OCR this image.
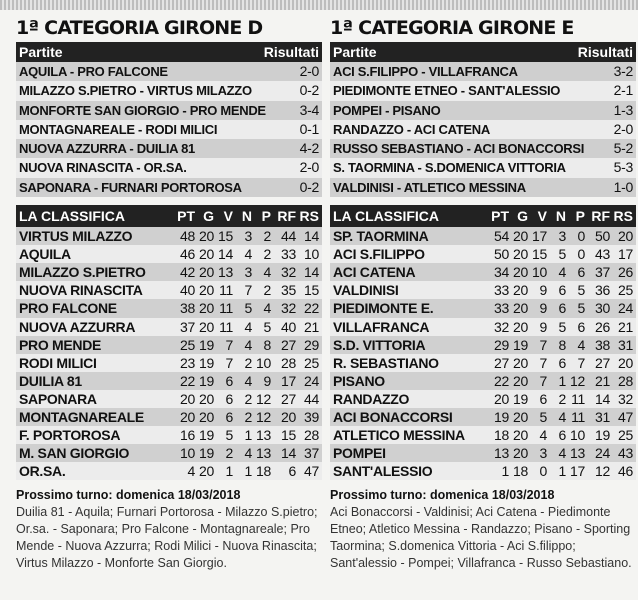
1ª CATEGORIA GIRONE D
Partite	Risultati
AQUILA - PRO FALCONE	2-0
MILAZZO S.PIETRO - VIRTUS MILAZZO	0-2
MONFORTE SAN GIORGIO - PRO MENDE	3-4
MONTAGNAREALE - RODI MILICI	0-1
NUOVA AZZURRA - DUILIA 81	4-2
NUOVA RINASCITA - OR.SA.	2-0
SAPONARA - FURNARI PORTOROSA	0-2
LA CLASSIFICA	PT G V N P RF RS
VIRTUS MILAZZO	48 20 15 3 2 44 14
AQUILA	46 20 14 4 2 33 10
MILAZZO S.PIETRO	42 20 13 3 4 32 14
NUOVA RINASCITA	40 20 11 7 2 35 15
PRO FALCONE	38 20 11 5 4 32 22
NUOVA AZZURRA	37 20 11 4 5 40 21
PRO MENDE	25 19 7 4 8 27 29
RODI MILICI	23 19 7 2 10 28 25
DUILIA 81	22 19 6 4 9 17 24
SAPONARA	20 20 6 2 12 27 44
MONTAGNAREALE	20 20 6 2 12 20 39
F. PORTOROSA	16 19 5 1 13 15 28
M. SAN GIORGIO	10 19 2 4 13 14 37
OR.SA.	4 20 1 1 18	6 47
Prossimo turno: domenica 18/03/2018
Duilia 81 - Aquila; Furnari Portorosa - Milazzo S.pietro; Or.sa. - Saponara; Pro Falcone - Montagnareale; Pro Mende - Nuova Azzurra; Rodi Milici - Nuova Rinascita; Virtus Milazzo - Monforte San Giorgio.
1ª CATEGORIA GIRONE E
Partite	Risultati
ACI S.FILIPPO - VILLAFRANCA	3-2
PIEDIMONTE ETNEO - SANT'ALESSIO	2-1
POMPEI - PISANO	1-3
RANDAZZO - ACI CATENA	2-0
RUSSO SEBASTIANO - ACI BONACCORSI	5-2
S. TAORMINA - S.DOMENICA VITTORIA	5-3
VALDINISI - ATLETICO MESSINA	1-0
LA CLASSIFICA	PT G V N P RF RS
SP. TAORMINA	54 20 17 3 0 50 20
ACI S.FILIPPO	50 20 15 5 0 43 17
ACI CATENA	34 20 10 4 6 37 26
VALDINISI	33 20 9 6 5 36 25
PIEDIMONTE E.	33 20 9 6 5 30 24
VILLAFRANCA	32 20 9 5 6 26 21
S.D. VITTORIA	29 19 7 8 4 38 31
R. SEBASTIANO	27 20 7 6 7 27 20
PISANO	22 20 7 1 12 21 28
RANDAZZO	20 19 6 2 11 14 32
ACI BONACCORSI	19 20 5 4 11 31 47
ATLETICO MESSINA	18 20 4 6 10 19 25
POMPEI	13 20 3 4 13 24 43
SANT'ALESSIO	1 18 0 1 17 12 46
Prossimo turno: domenica 18/03/2018
Aci Bonaccorsi - Valdinisi; Aci Catena - Piedimonte Etneo; Atletico Messina - Randazzo; Pisano - Sporting Taormina; S.domenica Vittoria - Aci S.filippo; Sant'alessio - Pompei; Villafranca - Russo Sebastiano.
